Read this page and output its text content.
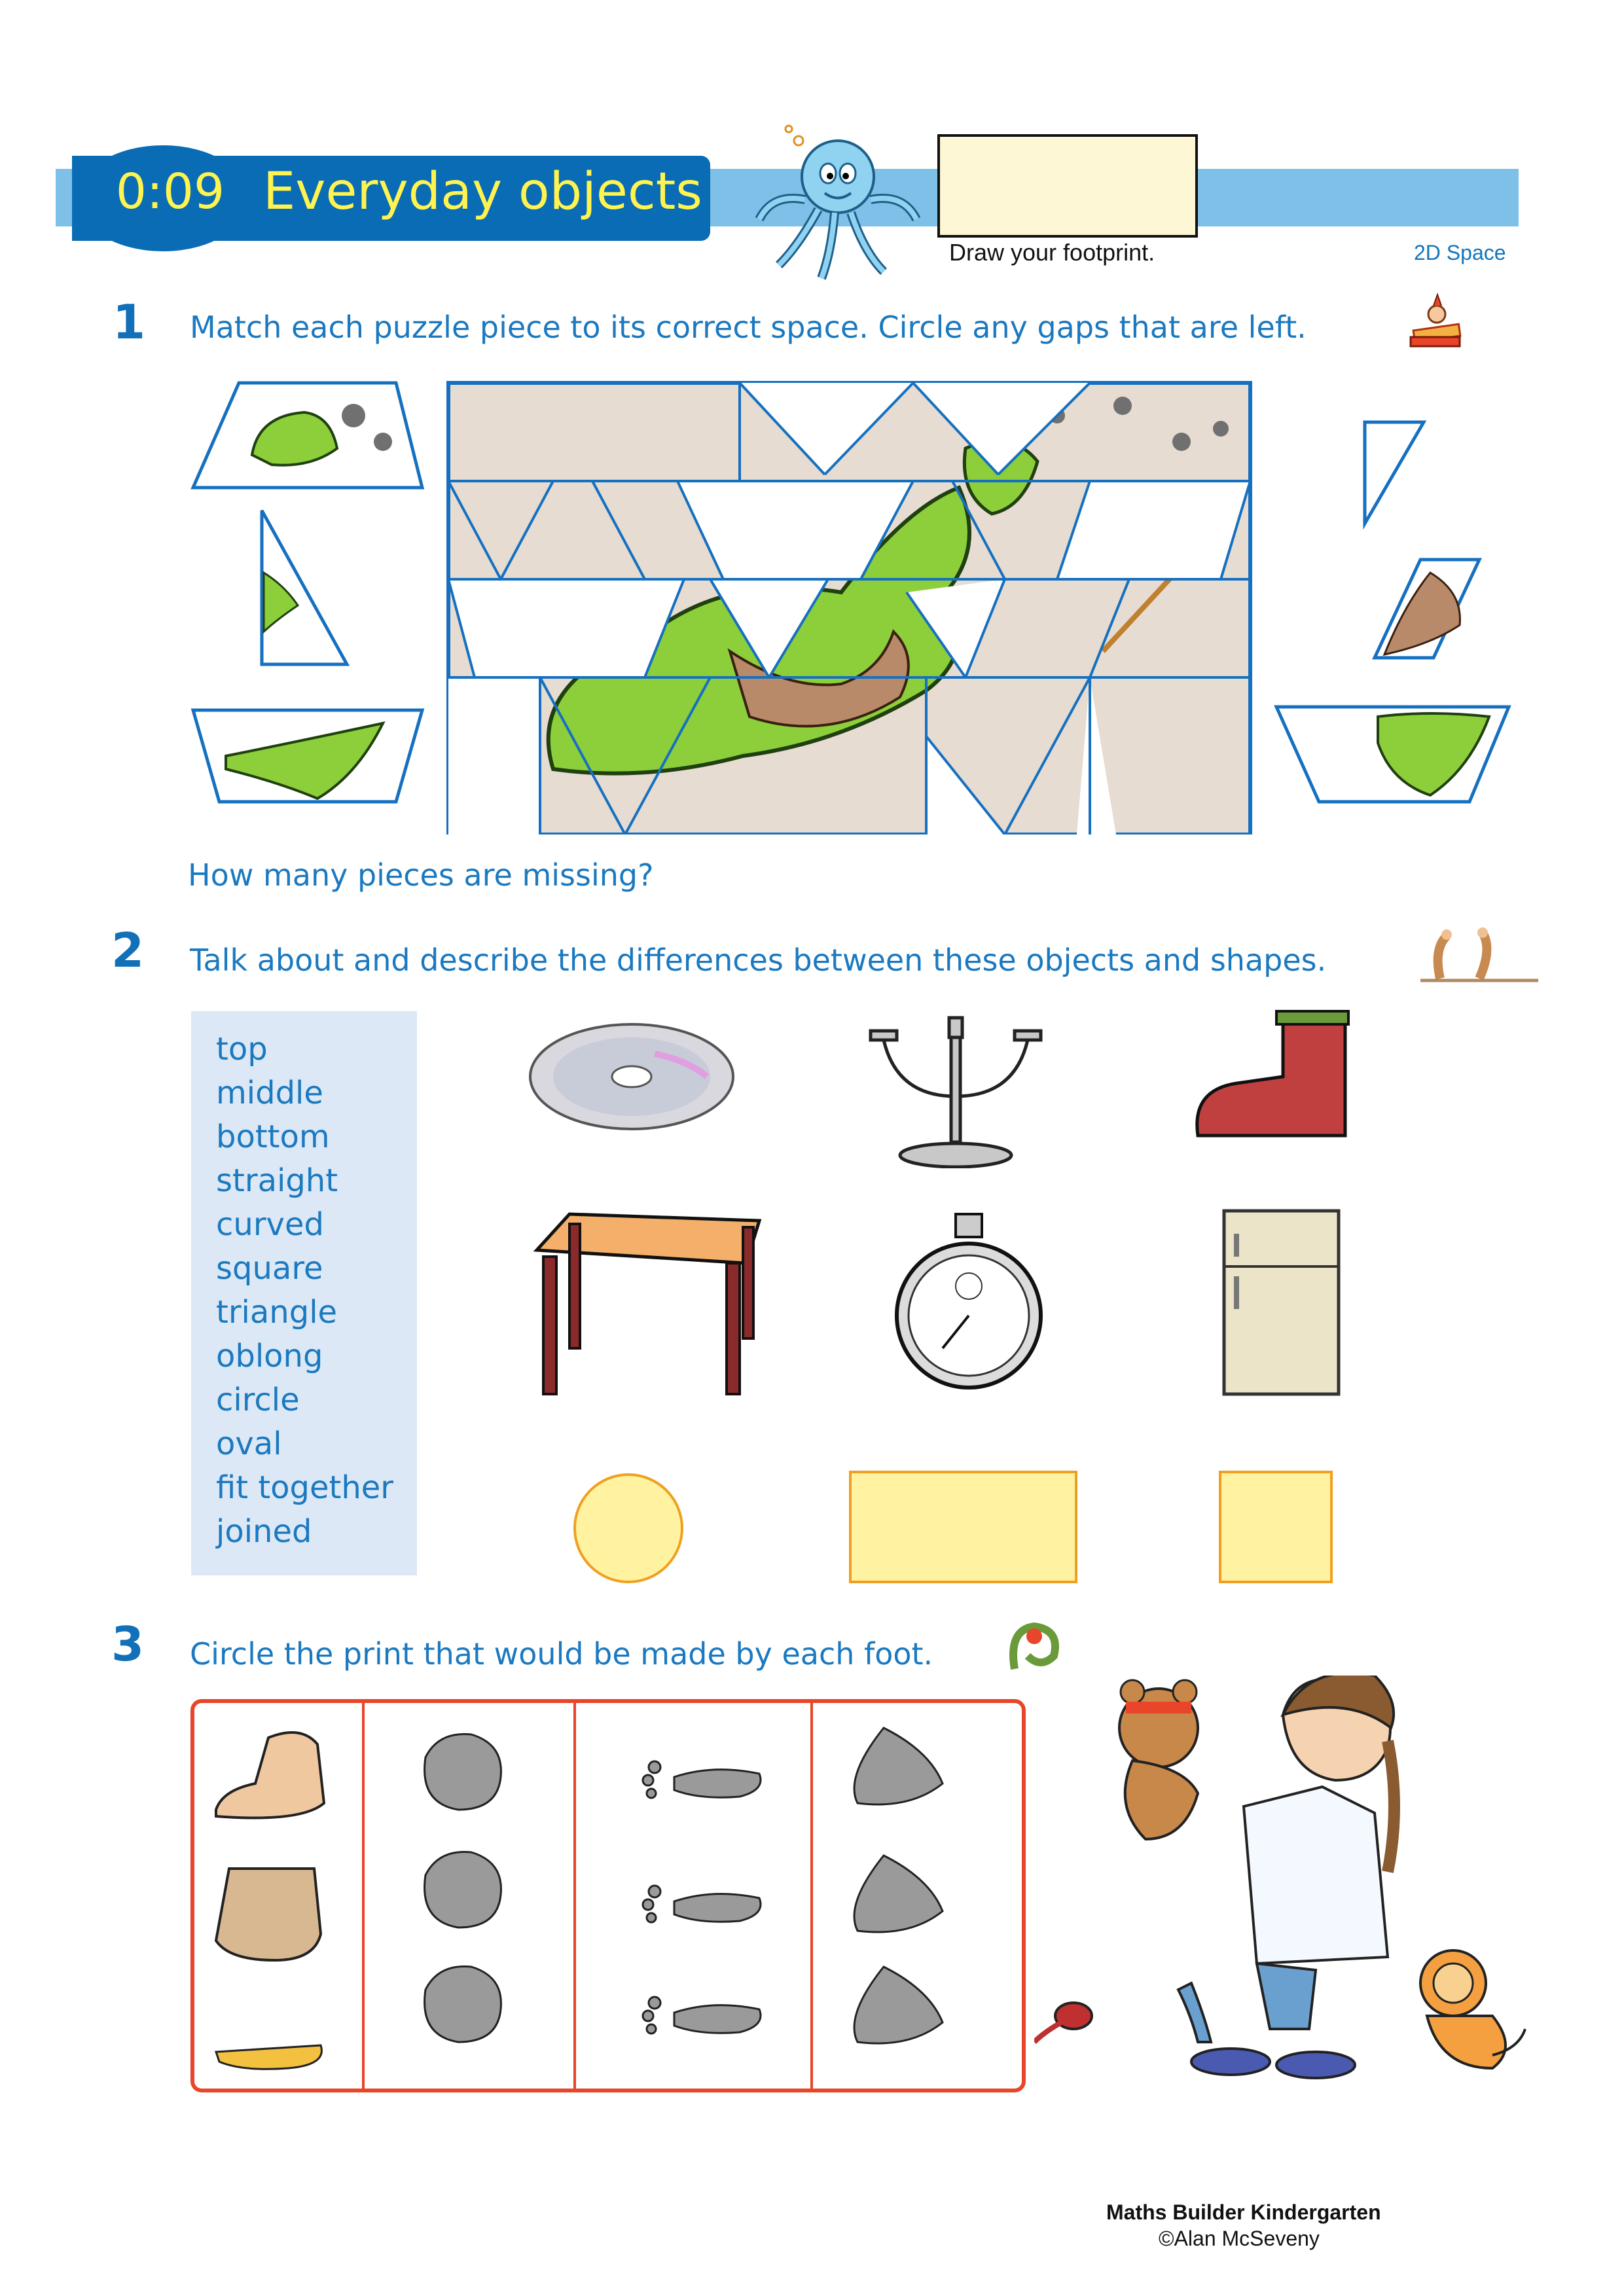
0:09 Everyday objects
Draw your footprint.	2D Space
1 Match each puzzle piece to its correct space. Circle any gaps that are left.
How many pieces are missing?
2 Talk about and describe the differences between these objects and shapes.
top
middle
bottom
straight
curved
square
triangle
oblong
circle
oval
fit together
joined
3 Circle the print that would be made by each foot.
Maths Builder Kindergarten
©Alan McSeveny
